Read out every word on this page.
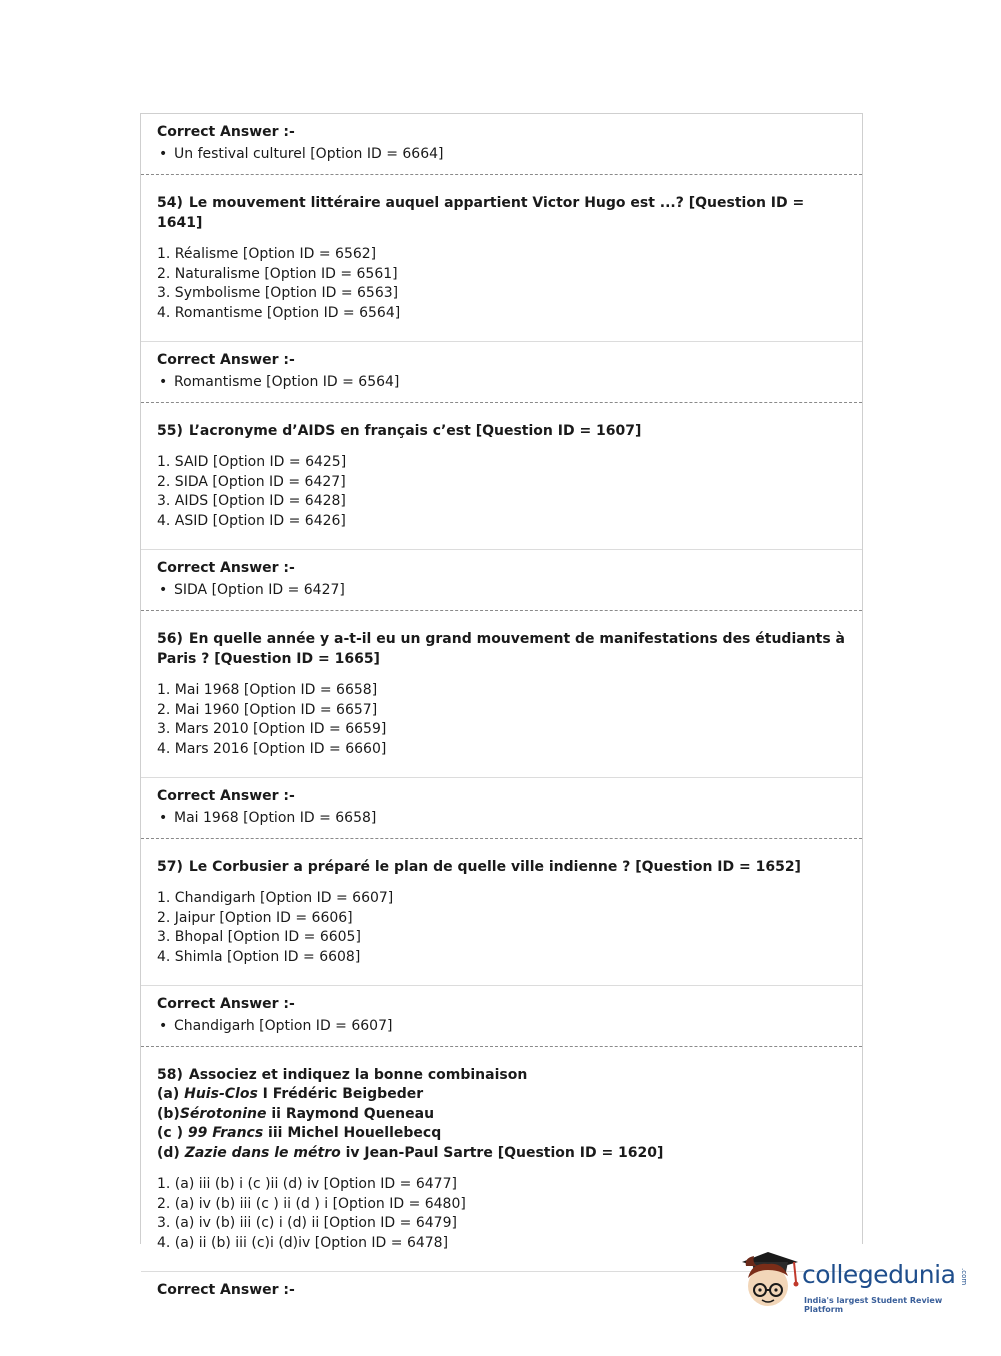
Correct Answer :-
• Un festival culturel [Option ID = 6664]
54) Le mouvement littéraire auquel appartient Victor Hugo est ...? [Question ID = 1641]
1. Réalisme [Option ID = 6562]
2. Naturalisme [Option ID = 6561]
3. Symbolisme [Option ID = 6563]
4. Romantisme [Option ID = 6564]
Correct Answer :-
• Romantisme [Option ID = 6564]
55) L’acronyme d’AIDS en français c’est [Question ID = 1607]
1. SAID [Option ID = 6425]
2. SIDA [Option ID = 6427]
3. AIDS [Option ID = 6428]
4. ASID [Option ID = 6426]
Correct Answer :-
• SIDA [Option ID = 6427]
56) En quelle année y a-t-il eu un grand mouvement de manifestations des étudiants à Paris ? [Question ID = 1665]
1. Mai 1968 [Option ID = 6658]
2. Mai 1960 [Option ID = 6657]
3. Mars 2010 [Option ID = 6659]
4. Mars 2016 [Option ID = 6660]
Correct Answer :-
• Mai 1968 [Option ID = 6658]
57) Le Corbusier a préparé le plan de quelle ville indienne ? [Question ID = 1652]
1. Chandigarh [Option ID = 6607]
2. Jaipur [Option ID = 6606]
3. Bhopal [Option ID = 6605]
4. Shimla [Option ID = 6608]
Correct Answer :-
• Chandigarh [Option ID = 6607]
58) Associez et indiquez la bonne combinaison
(a) Huis-Clos I Frédéric Beigbeder
(b)Sérotonine ii Raymond Queneau
(c ) 99 Francs iii Michel Houellebecq
(d) Zazie dans le métro iv Jean-Paul Sartre [Question ID = 1620]
1. (a) iii (b) i (c )ii (d) iv [Option ID = 6477]
2. (a) iv (b) iii (c ) ii (d ) i [Option ID = 6480]
3. (a) iv (b) iii (c) i (d) ii [Option ID = 6479]
4. (a) ii (b) iii (c)i (d)iv [Option ID = 6478]
Correct Answer :-
collegedunia .com
India's largest Student Review Platform
